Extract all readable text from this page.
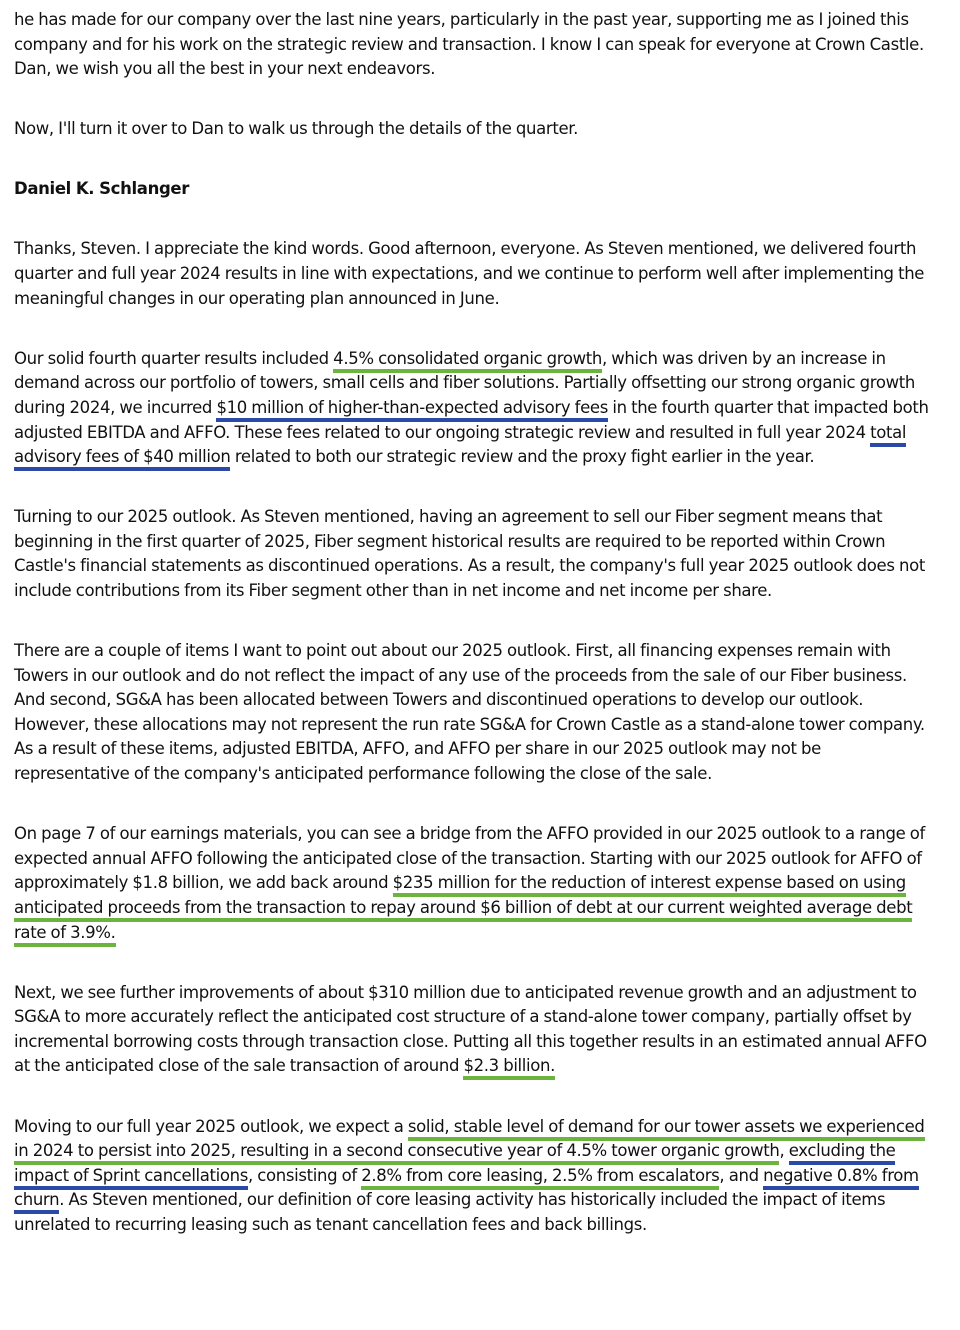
he has made for our company over the last nine years, particularly in the past year, supporting me as I joined this company and for his work on the strategic review and transaction. I know I can speak for everyone at Crown Castle. Dan, we wish you all the best in your next endeavors.

Now, I'll turn it over to Dan to walk us through the details of the quarter.

Daniel K. Schlanger

Thanks, Steven. I appreciate the kind words. Good afternoon, everyone. As Steven mentioned, we delivered fourth quarter and full year 2024 results in line with expectations, and we continue to perform well after implementing the meaningful changes in our operating plan announced in June.

Our solid fourth quarter results included 4.5% consolidated organic growth, which was driven by an increase in demand across our portfolio of towers, small cells and fiber solutions. Partially offsetting our strong organic growth during 2024, we incurred $10 million of higher-than-expected advisory fees in the fourth quarter that impacted both adjusted EBITDA and AFFO. These fees related to our ongoing strategic review and resulted in full year 2024 total advisory fees of $40 million related to both our strategic review and the proxy fight earlier in the year.

Turning to our 2025 outlook. As Steven mentioned, having an agreement to sell our Fiber segment means that beginning in the first quarter of 2025, Fiber segment historical results are required to be reported within Crown Castle's financial statements as discontinued operations. As a result, the company's full year 2025 outlook does not include contributions from its Fiber segment other than in net income and net income per share.

There are a couple of items I want to point out about our 2025 outlook. First, all financing expenses remain with Towers in our outlook and do not reflect the impact of any use of the proceeds from the sale of our Fiber business. And second, SG&A has been allocated between Towers and discontinued operations to develop our outlook. However, these allocations may not represent the run rate SG&A for Crown Castle as a stand-alone tower company. As a result of these items, adjusted EBITDA, AFFO, and AFFO per share in our 2025 outlook may not be representative of the company's anticipated performance following the close of the sale.

On page 7 of our earnings materials, you can see a bridge from the AFFO provided in our 2025 outlook to a range of expected annual AFFO following the anticipated close of the transaction. Starting with our 2025 outlook for AFFO of approximately $1.8 billion, we add back around $235 million for the reduction of interest expense based on using anticipated proceeds from the transaction to repay around $6 billion of debt at our current weighted average debt rate of 3.9%.

Next, we see further improvements of about $310 million due to anticipated revenue growth and an adjustment to SG&A to more accurately reflect the anticipated cost structure of a stand-alone tower company, partially offset by incremental borrowing costs through transaction close. Putting all this together results in an estimated annual AFFO at the anticipated close of the sale transaction of around $2.3 billion.

Moving to our full year 2025 outlook, we expect a solid, stable level of demand for our tower assets we experienced in 2024 to persist into 2025, resulting in a second consecutive year of 4.5% tower organic growth, excluding the impact of Sprint cancellations, consisting of 2.8% from core leasing, 2.5% from escalators, and negative 0.8% from churn. As Steven mentioned, our definition of core leasing activity has historically included the impact of items unrelated to recurring leasing such as tenant cancellation fees and back billings.
